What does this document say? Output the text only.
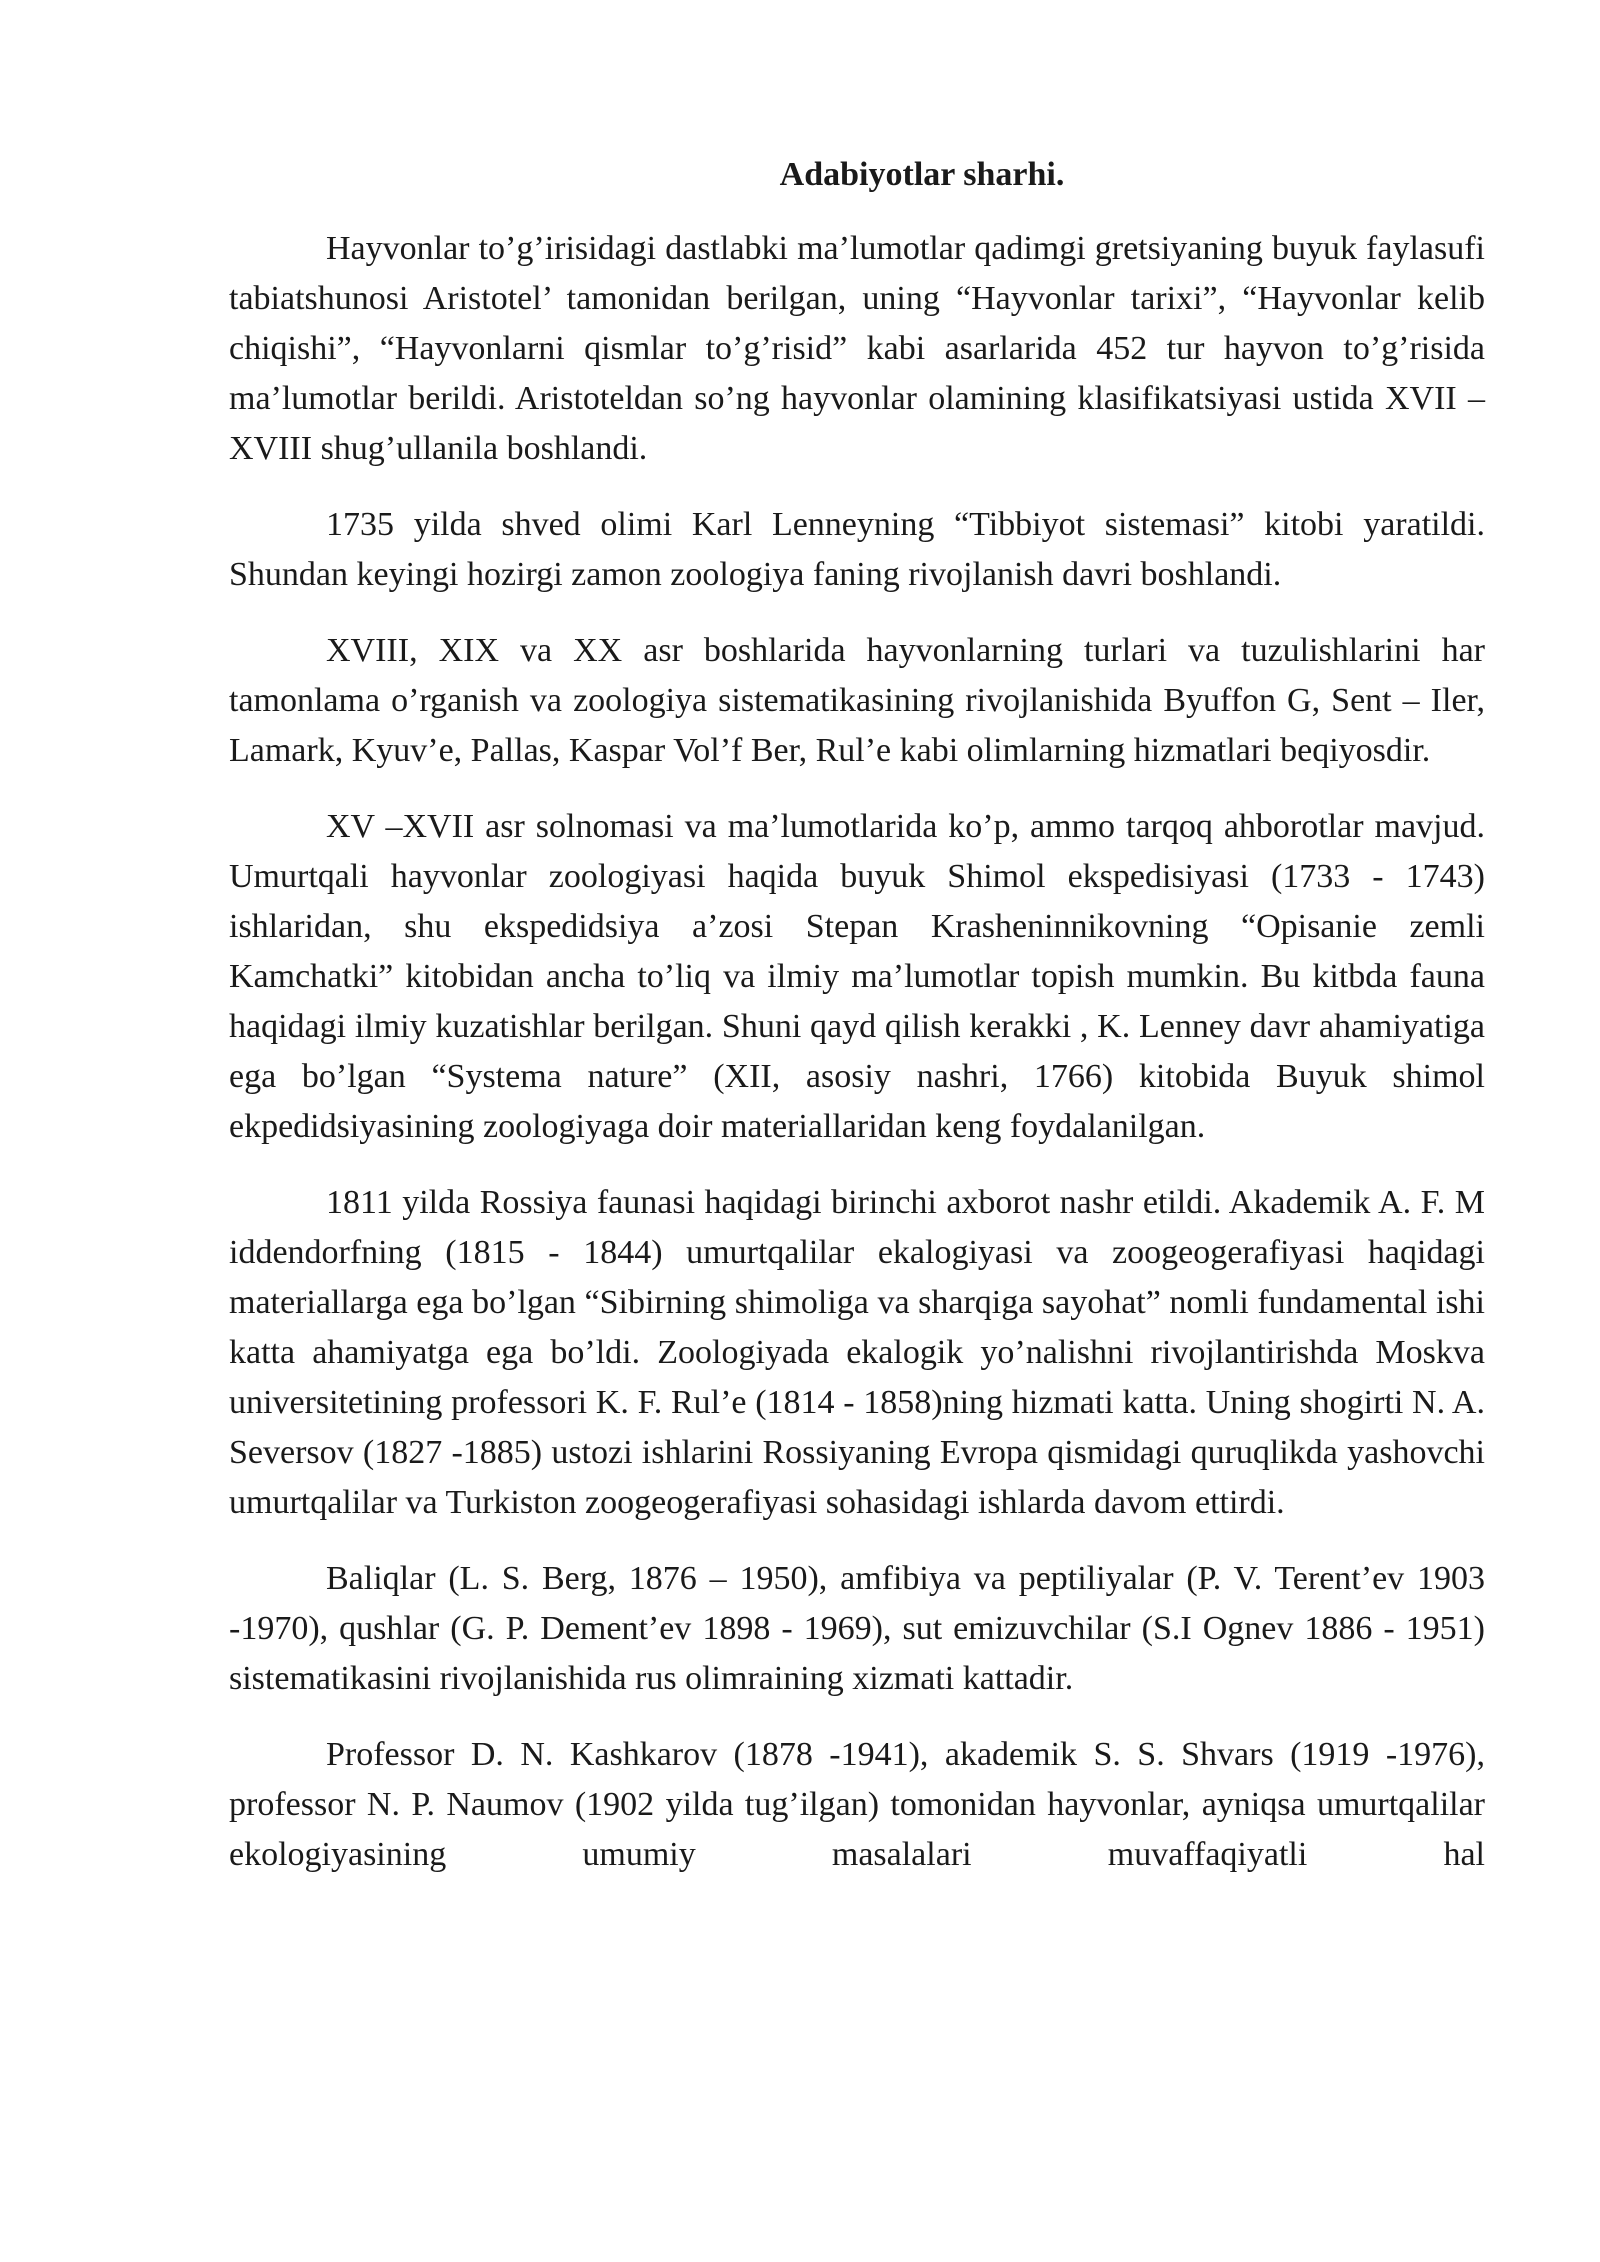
Adabiyotlar sharhi.

Hayvonlar to’g’irisidagi dastlabki ma’lumotlar qadimgi gretsiyaning buyuk faylasufi tabiatshunosi Aristotel’ tamonidan berilgan, uning “Hayvonlar tarixi”, “Hayvonlar kelib chiqishi”, “Hayvonlarni qismlar to’g’risid” kabi asarlarida 452 tur hayvon to’g’risida ma’lumotlar berildi. Aristoteldan so’ng hayvonlar olamining klasifikatsiyasi ustida XVII – XVIII shug’ullanila boshlandi.

1735 yilda shved olimi Karl Lenneyning “Tibbiyot sistemasi” kitobi yaratildi. Shundan keyingi hozirgi zamon zoologiya faning rivojlanish davri boshlandi.

XVIII, XIX va XX asr boshlarida hayvonlarning turlari va tuzulishlarini har tamonlama o’rganish va zoologiya sistematikasining rivojlanishida Byuffon G, Sent – Iler, Lamark, Kyuv’e, Pallas, Kaspar Vol’f Ber, Rul’e kabi olimlarning hizmatlari beqiyosdir.

XV –XVII asr solnomasi va ma’lumotlarida ko’p, ammo tarqoq ahborotlar mavjud. Umurtqali hayvonlar zoologiyasi haqida buyuk Shimol ekspedisiyasi (1733 - 1743) ishlaridan, shu ekspedidsiya a’zosi Stepan Krasheninnikovning “Opisanie zemli Kamchatki” kitobidan ancha to’liq va ilmiy ma’lumotlar topish mumkin. Bu kitbda fauna haqidagi ilmiy kuzatishlar berilgan. Shuni qayd qilish kerakki , K. Lenney davr ahamiyatiga ega bo’lgan “Systema nature” (XII, asosiy nashri, 1766) kitobida Buyuk shimol ekpedidsiyasining zoologiyaga doir materiallaridan keng foydalanilgan.

1811 yilda Rossiya faunasi haqidagi birinchi axborot nashr etildi. Akademik A. F. M iddendorfning (1815 - 1844) umurtqalilar ekalogiyasi va zoogeogerafiyasi haqidagi materiallarga ega bo’lgan “Sibirning shimoliga va sharqiga sayohat” nomli fundamental ishi katta ahamiyatga ega bo’ldi. Zoologiyada ekalogik yo’nalishni rivojlantirishda Moskva universitetining professori K. F. Rul’e (1814 - 1858)ning hizmati katta. Uning shogirti N. A. Seversov (1827 -1885) ustozi ishlarini Rossiyaning Evropa qismidagi quruqlikda yashovchi umurtqalilar va Turkiston zoogeogerafiyasi sohasidagi ishlarda davom ettirdi.

Baliqlar (L. S. Berg, 1876 – 1950), amfibiya va peptiliyalar (P. V. Terent’ev 1903 -1970), qushlar (G. P. Dement’ev 1898 - 1969), sut emizuvchilar (S.I Ognev 1886 - 1951) sistematikasini rivojlanishida rus olimraining xizmati kattadir.

Professor D. N. Kashkarov (1878 -1941), akademik S. S. Shvars (1919 -1976), professor N. P. Naumov (1902 yilda tug’ilgan) tomonidan hayvonlar, ayniqsa umurtqalilar ekologiyasining umumiy masalalari muvaffaqiyatli hal
